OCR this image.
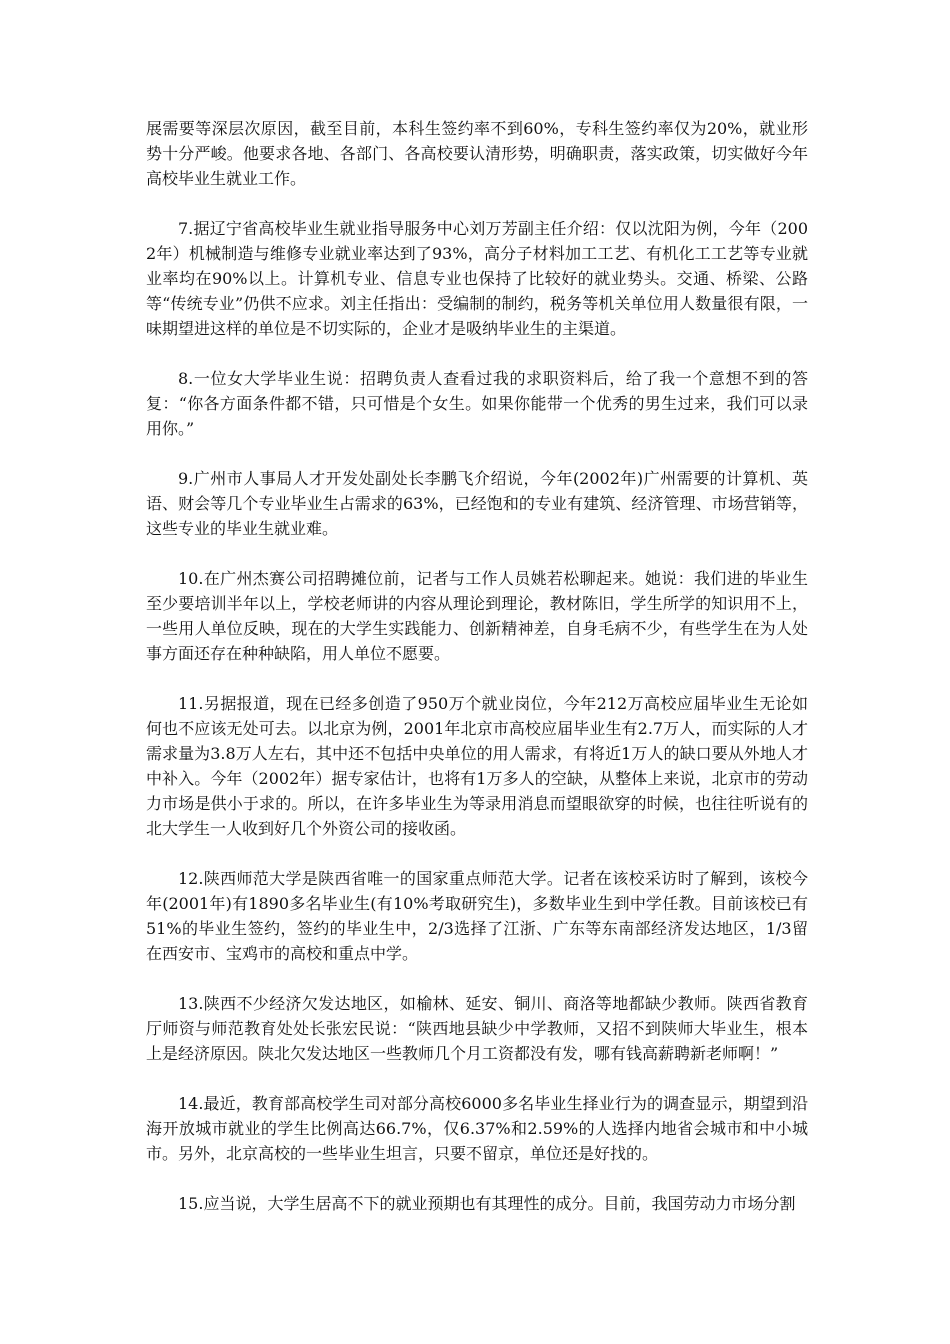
展需要等深层次原因，截至目前，本科生签约率不到60%，专科生签约率仅为20%，就业形势十分严峻。他要求各地、各部门、各高校要认清形势，明确职责，落实政策，切实做好今年高校毕业生就业工作。

7.据辽宁省高校毕业生就业指导服务中心刘万芳副主任介绍：仅以沈阳为例，今年（2002年）机械制造与维修专业就业率达到了93%，高分子材料加工工艺、有机化工工艺等专业就业率均在90%以上。计算机专业、信息专业也保持了比较好的就业势头。交通、桥梁、公路等“传统专业”仍供不应求。刘主任指出：受编制的制约，税务等机关单位用人数量很有限，一味期望进这样的单位是不切实际的，企业才是吸纳毕业生的主渠道。

8.一位女大学毕业生说：招聘负责人查看过我的求职资料后，给了我一个意想不到的答复：“你各方面条件都不错，只可惜是个女生。如果你能带一个优秀的男生过来，我们可以录用你。”

9.广州市人事局人才开发处副处长李鹏飞介绍说，今年(2002年)广州需要的计算机、英语、财会等几个专业毕业生占需求的63%，已经饱和的专业有建筑、经济管理、市场营销等，这些专业的毕业生就业难。

10.在广州杰赛公司招聘摊位前，记者与工作人员姚若松聊起来。她说：我们进的毕业生至少要培训半年以上，学校老师讲的内容从理论到理论，教材陈旧，学生所学的知识用不上，一些用人单位反映，现在的大学生实践能力、创新精神差，自身毛病不少，有些学生在为人处事方面还存在种种缺陷，用人单位不愿要。

11.另据报道，现在已经多创造了950万个就业岗位，今年212万高校应届毕业生无论如何也不应该无处可去。以北京为例，2001年北京市高校应届毕业生有2.7万人，而实际的人才需求量为3.8万人左右，其中还不包括中央单位的用人需求，有将近1万人的缺口要从外地人才中补入。今年（2002年）据专家估计，也将有1万多人的空缺，从整体上来说，北京市的劳动力市场是供小于求的。所以，在许多毕业生为等录用消息而望眼欲穿的时候，也往往听说有的北大学生一人收到好几个外资公司的接收函。

12.陕西师范大学是陕西省唯一的国家重点师范大学。记者在该校采访时了解到，该校今年(2001年)有1890多名毕业生(有10%考取研究生)，多数毕业生到中学任教。目前该校已有51%的毕业生签约，签约的毕业生中，2/3选择了江浙、广东等东南部经济发达地区，1/3留在西安市、宝鸡市的高校和重点中学。

13.陕西不少经济欠发达地区，如榆林、延安、铜川、商洛等地都缺少教师。陕西省教育厅师资与师范教育处处长张宏民说：“陕西地县缺少中学教师，又招不到陕师大毕业生，根本上是经济原因。陕北欠发达地区一些教师几个月工资都没有发，哪有钱高薪聘新老师啊！”

14.最近，教育部高校学生司对部分高校6000多名毕业生择业行为的调查显示，期望到沿海开放城市就业的学生比例高达66.7%，仅6.37%和2.59%的人选择内地省会城市和中小城市。另外，北京高校的一些毕业生坦言，只要不留京，单位还是好找的。

15.应当说，大学生居高不下的就业预期也有其理性的成分。目前，我国劳动力市场分割
